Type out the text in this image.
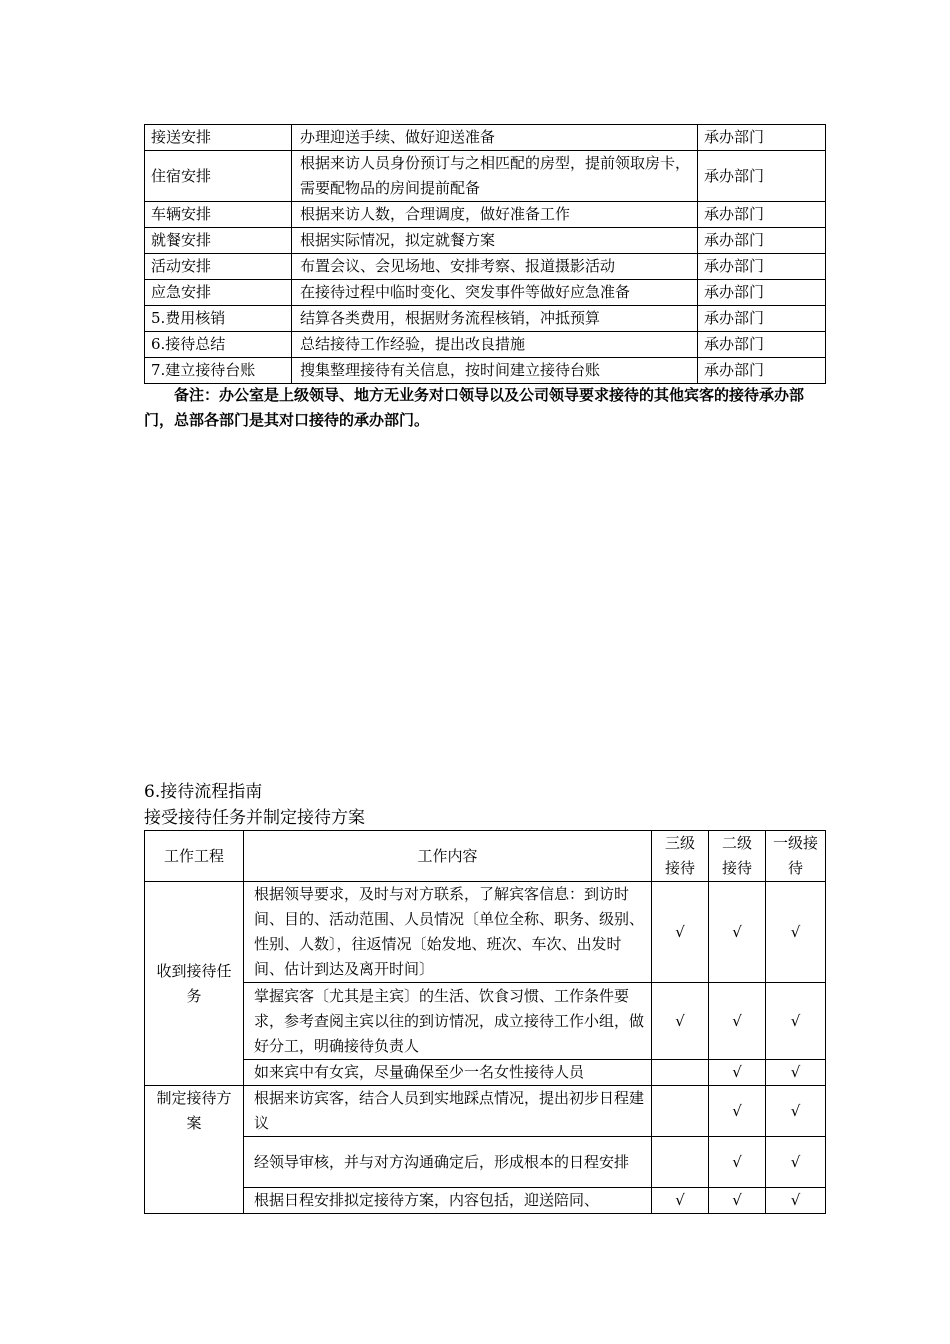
接送安排	办理迎送手续、做好迎送准备	承办部门
住宿安排	根据来访人员身份预订与之相匹配的房型，提前领取房卡，需要配物品的房间提前配备	承办部门
车辆安排	根据来访人数，合理调度，做好准备工作	承办部门
就餐安排	根据实际情况，拟定就餐方案	承办部门
活动安排	布置会议、会见场地、安排考察、报道摄影活动	承办部门
应急安排	在接待过程中临时变化、突发事件等做好应急准备	承办部门
5.费用核销	结算各类费用，根据财务流程核销，冲抵预算	承办部门
6.接待总结	总结接待工作经验，提出改良措施	承办部门
7.建立接待台账	搜集整理接待有关信息，按时间建立接待台账	承办部门
备注：办公室是上级领导、地方无业务对口领导以及公司领导要求接待的其他宾客的接待承办部门，总部各部门是其对口接待的承办部门。
6.接待流程指南
接受接待任务并制定接待方案
工作工程	工作内容	三级接待	二级接待	一级接待
收到接待任务	根据领导要求，及时与对方联系，了解宾客信息：到访时间、目的、活动范围、人员情况〔单位全称、职务、级别、性别、人数〕，往返情况〔始发地、班次、车次、出发时间、估计到达及离开时间〕	√	√	√
	掌握宾客〔尤其是主宾〕的生活、饮食习惯、工作条件要求，参考查阅主宾以往的到访情况，成立接待工作小组，做好分工，明确接待负责人	√	√	√
	如来宾中有女宾，尽量确保至少一名女性接待人员		√	√
制定接待方案	根据来访宾客，结合人员到实地踩点情况，提出初步日程建议		√	√
	经领导审核，并与对方沟通确定后，形成根本的日程安排		√	√
	根据日程安排拟定接待方案，内容包括，迎送陪同、	√	√	√
